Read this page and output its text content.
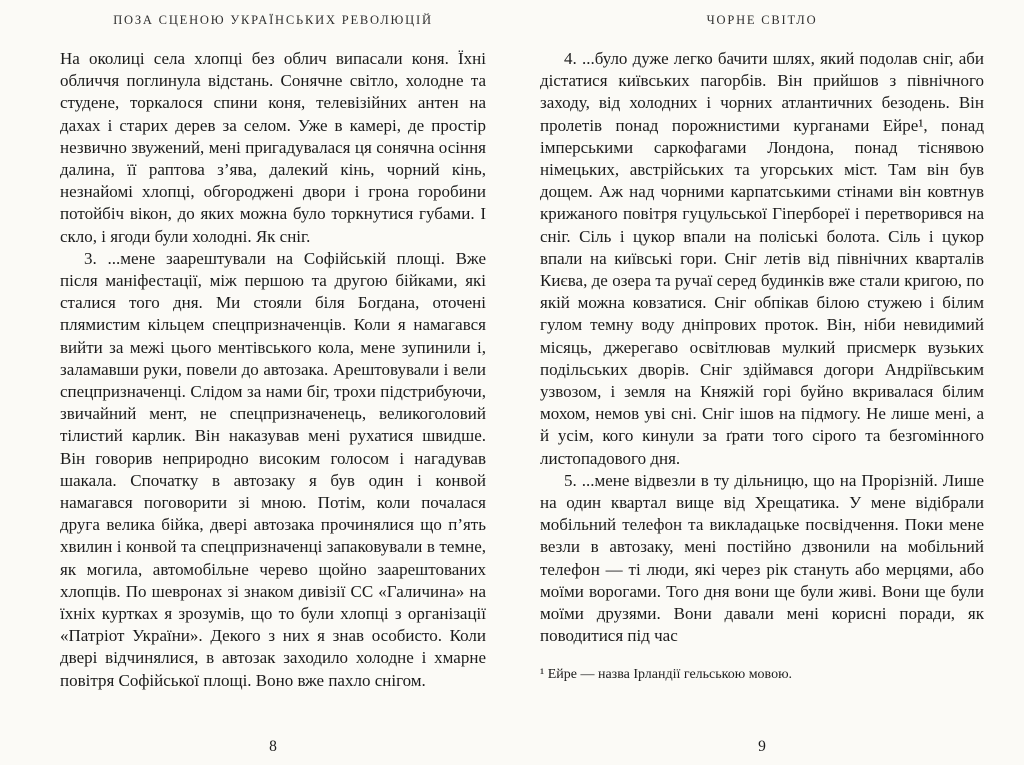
ПОЗА СЦЕНОЮ УКРАЇНСЬКИХ РЕВОЛЮЦІЙ

На околиці села хлопці без облич випасали коня. Їхні обличчя поглинула відстань. Сонячне світло, холодне та студене, торкалося спини коня, телевізійних антен на дахах і старих дерев за селом. Уже в камері, де простір незвично звужений, мені пригадувалася ця сонячна осіння далина, її раптова з’ява, далекий кінь, чорний кінь, незнайомі хлопці, обгороджені двори і грона горобини потойбіч вікон, до яких можна було торкнутися губами. І скло, і ягоди були холодні. Як сніг.

3. ...мене заарештували на Софійській площі. Вже після маніфестації, між першою та другою бійками, які сталися того дня. Ми стояли біля Богдана, оточені плямистим кільцем спецпризначенців. Коли я намагався вийти за межі цього ментівського кола, мене зупинили і, заламавши руки, повели до автозака. Арештовували і вели спецпризначенці. Слідом за нами біг, трохи підстрибуючи, звичайний мент, не спецпризначенець, великоголовий тілистий карлик. Він наказував мені рухатися швидше. Він говорив неприродно високим голосом і нагадував шакала. Спочатку в автозаку я був один і конвой намагався поговорити зі мною. Потім, коли почалася друга велика бійка, двері автозака прочинялися що п’ять хвилин і конвой та спецпризначенці запаковували в темне, як могила, автомобільне черево щойно заарештованих хлопців. По шевронах зі знаком дивізії СС «Галичина» на їхніх куртках я зрозумів, що то були хлопці з організації «Патріот України». Декого з них я знав особисто. Коли двері відчинялися, в автозак заходило холодне і хмарне повітря Софійської площі. Воно вже пахло снігом.

8
ЧОРНЕ СВІТЛО

4. ...було дуже легко бачити шлях, який подолав сніг, аби дістатися київських пагорбів. Він прийшов з північного заходу, від холодних і чорних атлантичних безодень. Він пролетів понад порожнистими курганами Ейре¹, понад імперськими саркофагами Лондона, понад тіснявою німецьких, австрійських та угорських міст. Там він був дощем. Аж над чорними карпатськими стінами він ковтнув крижаного повітря гуцульської Гіпербореї і перетворився на сніг. Сіль і цукор впали на поліські болота. Сіль і цукор впали на київські гори. Сніг летів від північних кварталів Києва, де озера та ручаї серед будинків вже стали кригою, по якій можна ковзатися. Сніг обпікав білою стужею і білим гулом темну воду дніпрових проток. Він, ніби невидимий місяць, джерегаво освітлював мулкий присмерк вузьких подільських дворів. Сніг здіймався догори Андріївським узвозом, і земля на Княжій горі буйно вкривалася білим мохом, немов уві сні. Сніг ішов на підмогу. Не лише мені, а й усім, кого кинули за ґрати того сірого та безгомінного листопадового дня.

5. ...мене відвезли в ту дільницю, що на Прорізній. Лише на один квартал вище від Хрещатика. У мене відібрали мобільний телефон та викладацьке посвідчення. Поки мене везли в автозаку, мені постійно дзвонили на мобільний телефон — ті люди, які через рік стануть або мерцями, або моїми ворогами. Того дня вони ще були живі. Вони ще були моїми друзями. Вони давали мені корисні поради, як поводитися під час

¹ Ейре — назва Ірландії гельською мовою.
9
